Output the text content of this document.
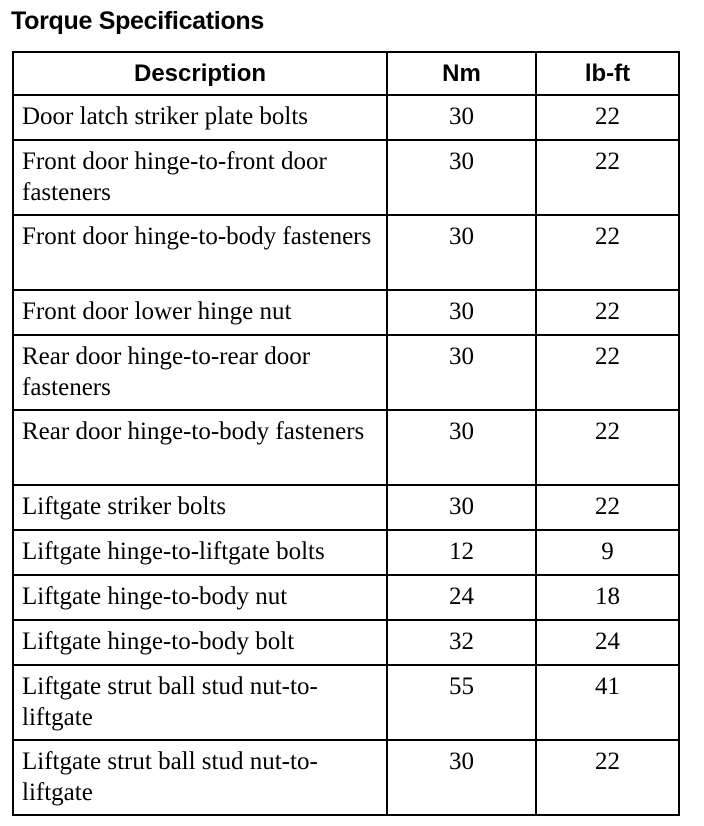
Torque Specifications
Description	Nm	lb-ft
Door latch striker plate bolts	30	22
Front door hinge-to-front door fasteners	30	22
Front door hinge-to-body fasteners	30	22
Front door lower hinge nut	30	22
Rear door hinge-to-rear door fasteners	30	22
Rear door hinge-to-body fasteners	30	22
Liftgate striker bolts	30	22
Liftgate hinge-to-liftgate bolts	12	9
Liftgate hinge-to-body nut	24	18
Liftgate hinge-to-body bolt	32	24
Liftgate strut ball stud nut-to-liftgate	55	41
Liftgate strut ball stud nut-to-liftgate	30	22
